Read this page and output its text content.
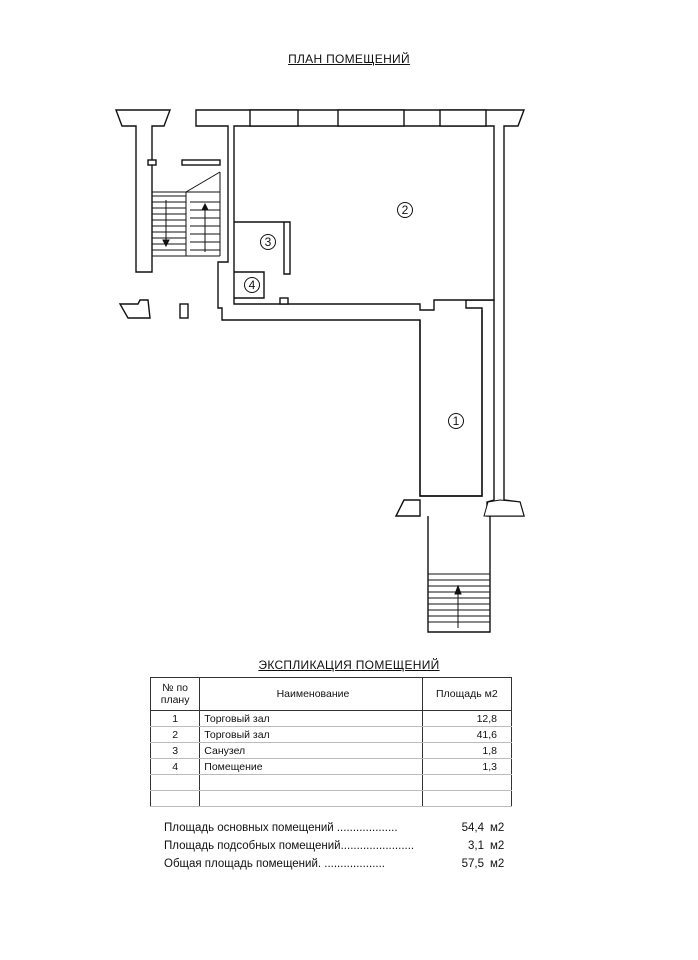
ПЛАН ПОМЕЩЕНИЙ
2
3
4
1
ЭКСПЛИКАЦИЯ ПОМЕЩЕНИЙ
№ по плану	Наименование	Площадь м2
1	Торговый зал	12,8
2	Торговый зал	41,6
3	Санузел	1,8
4	Помещение	1,3

Площадь основных помещений ...................	54,4 м2
Площадь подсобных помещений.......................	3,1 м2
Общая площадь помещений. ...................	57,5 м2
